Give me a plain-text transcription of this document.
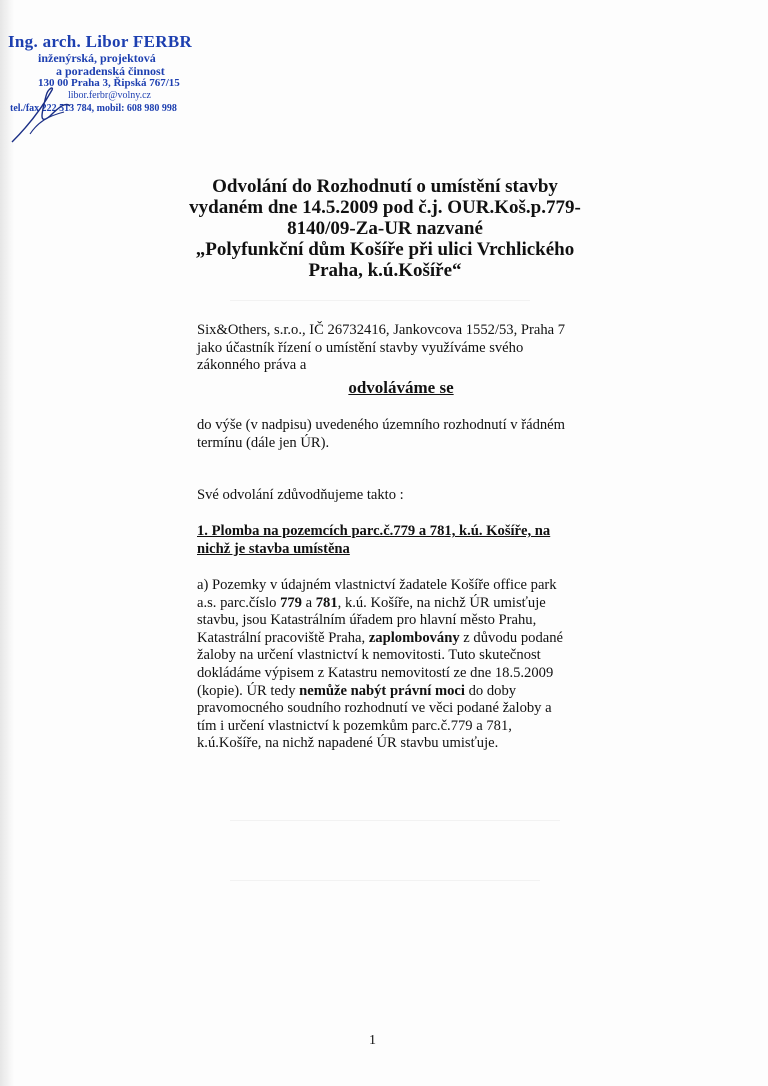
Ing. arch. Libor FERBR
inženýrská, projektová
a poradenská činnost
130 00 Praha 3, Řipská 767/15
libor.ferbr@volny.cz
tel./fax 222 513 784, mobil: 608 980 998
Odvolání do Rozhodnutí o umístění stavby
vydaném dne 14.5.2009 pod č.j. OUR.Koš.p.779-
8140/09-Za-UR nazvané
„Polyfunkční dům Košíře při ulici Vrchlického
Praha, k.ú.Košíře“
Six&Others, s.r.o., IČ 26732416, Jankovcova 1552/53, Praha 7
jako účastník řízení o umístění stavby využíváme svého
zákonného práva a
odvoláváme se
do výše (v nadpisu) uvedeného územního rozhodnutí v řádném
termínu (dále jen ÚR).
Své odvolání zdůvodňujeme takto :
1. Plomba na pozemcích parc.č.779 a 781, k.ú. Košíře, na
nichž je stavba umístěna
a) Pozemky v údajném vlastnictví žadatele Košíře office park
a.s. parc.číslo 779 a 781, k.ú. Košíře, na nichž ÚR umisťuje
stavbu, jsou Katastrálním úřadem pro hlavní město Prahu,
Katastrální pracoviště Praha, zaplombovány z důvodu podané
žaloby na určení vlastnictví k nemovitosti. Tuto skutečnost
dokládáme výpisem z Katastru nemovitostí ze dne 18.5.2009
(kopie). ÚR tedy nemůže nabýt právní moci do doby
pravomocného soudního rozhodnutí ve věci podané žaloby a
tím i určení vlastnictví k pozemkům parc.č.779 a 781,
k.ú.Košíře, na nichž napadené ÚR stavbu umisťuje.
1
